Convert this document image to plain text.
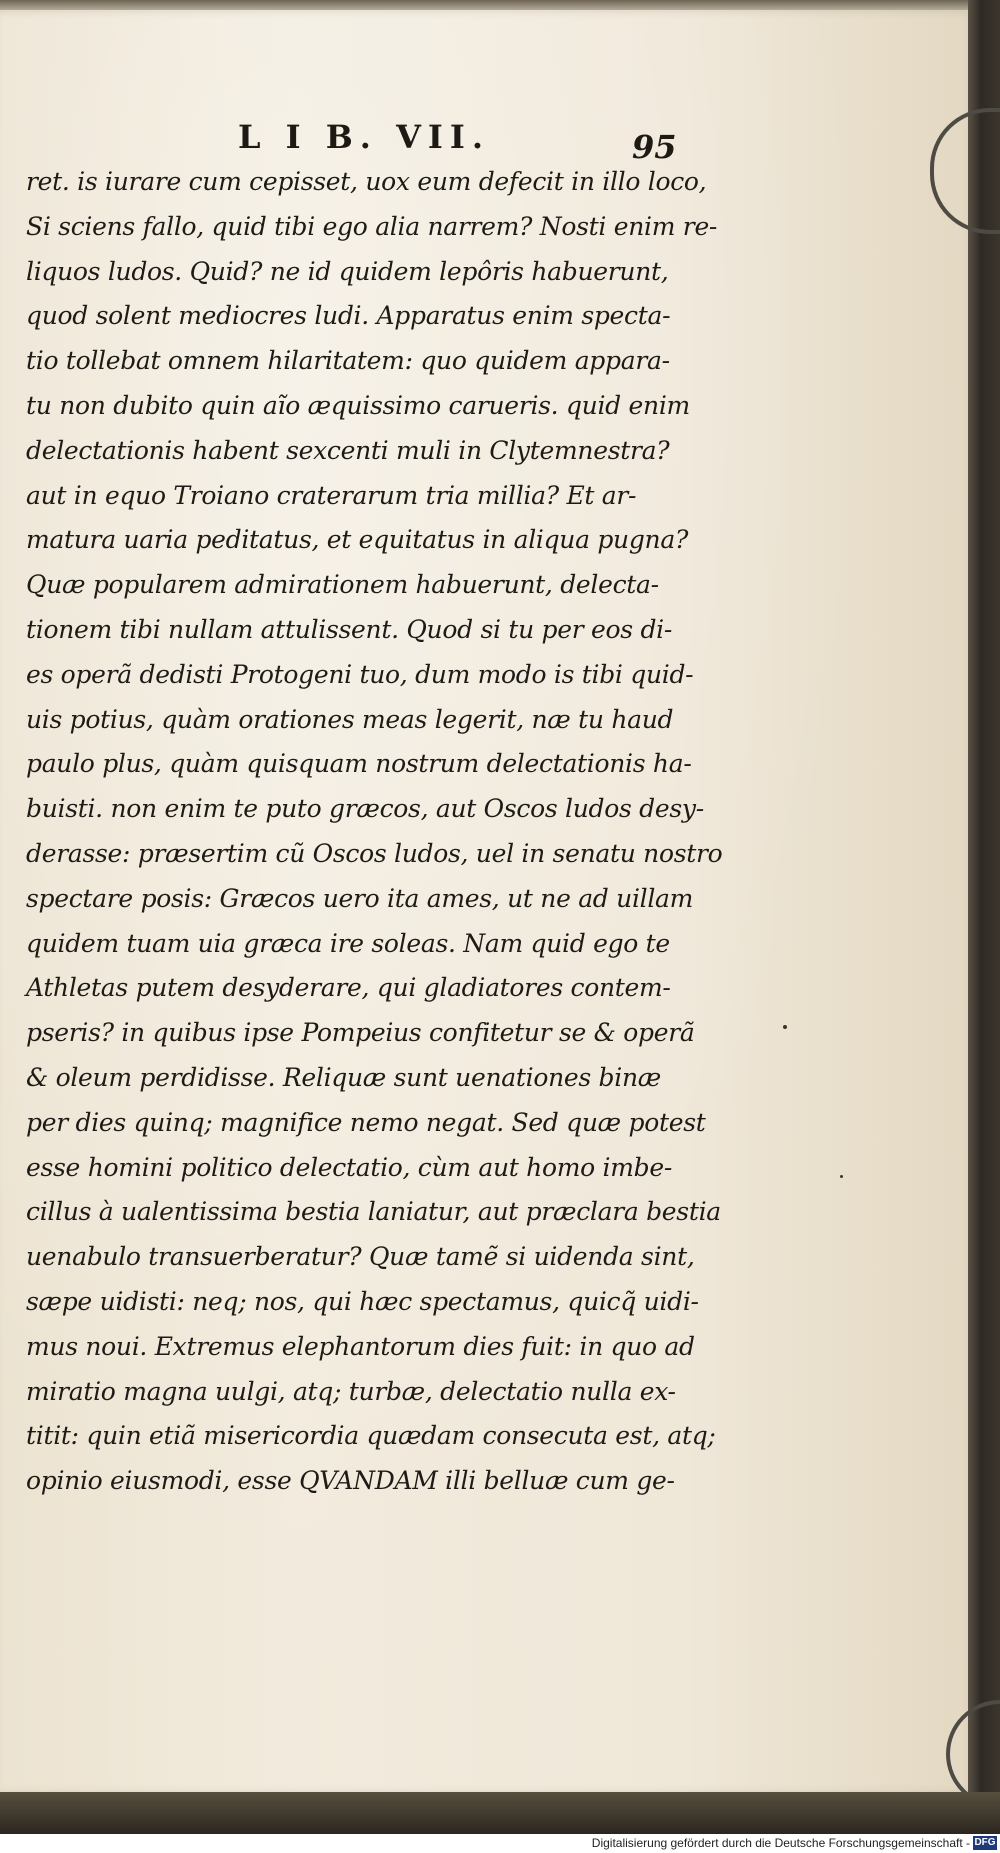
L I B. VII.	95
ret. is iurare cum cepisset, uox eum defecit in illo loco,
Si sciens fallo, quid tibi ego alia narrem? Nosti enim re-
liquos ludos. Quid? ne id quidem lepôris habuerunt,
quod solent mediocres ludi. Apparatus enim specta-
tio tollebat omnem hilaritatem: quo quidem appara-
tu non dubito quin aĩo æquissimo carueris. quid enim
delectationis habent sexcenti muli in Clytemnestra?
aut in equo Troiano craterarum tria millia? Et ar-
matura uaria peditatus, et equitatus in aliqua pugna?
Quæ popularem admirationem habuerunt, delecta-
tionem tibi nullam attulissent. Quod si tu per eos di-
es operã dedisti Protogeni tuo, dum modo is tibi quid-
uis potius, quàm orationes meas legerit, næ tu haud
paulo plus, quàm quisquam nostrum delectationis ha-
buisti. non enim te puto græcos, aut Oscos ludos desy-
derasse: præsertim cũ Oscos ludos, uel in senatu nostro
spectare posis: Græcos uero ita ames, ut ne ad uillam
quidem tuam uia græca ire soleas. Nam quid ego te
Athletas putem desyderare, qui gladiatores contem-
pseris? in quibus ipse Pompeius confitetur se & operã
& oleum perdidisse. Reliquæ sunt uenationes binæ
per dies quinq; magnifice nemo negat. Sed quæ potest
esse homini politico delectatio, cùm aut homo imbe-
cillus à ualentissima bestia laniatur, aut præclara bestia
uenabulo transuerberatur? Quæ tamẽ si uidenda sint,
sæpe uidisti: neq; nos, qui hæc spectamus, quicq̃ uidi-
mus noui. Extremus elephantorum dies fuit: in quo ad
miratio magna uulgi, atq; turbæ, delectatio nulla ex-
titit: quin etiã misericordia quædam consecuta est, atq;
opinio eiusmodi, esse QVANDAM illi belluæ cum ge-
Digitalisierung gefördert durch die Deutsche Forschungsgemeinschaft - DFG
